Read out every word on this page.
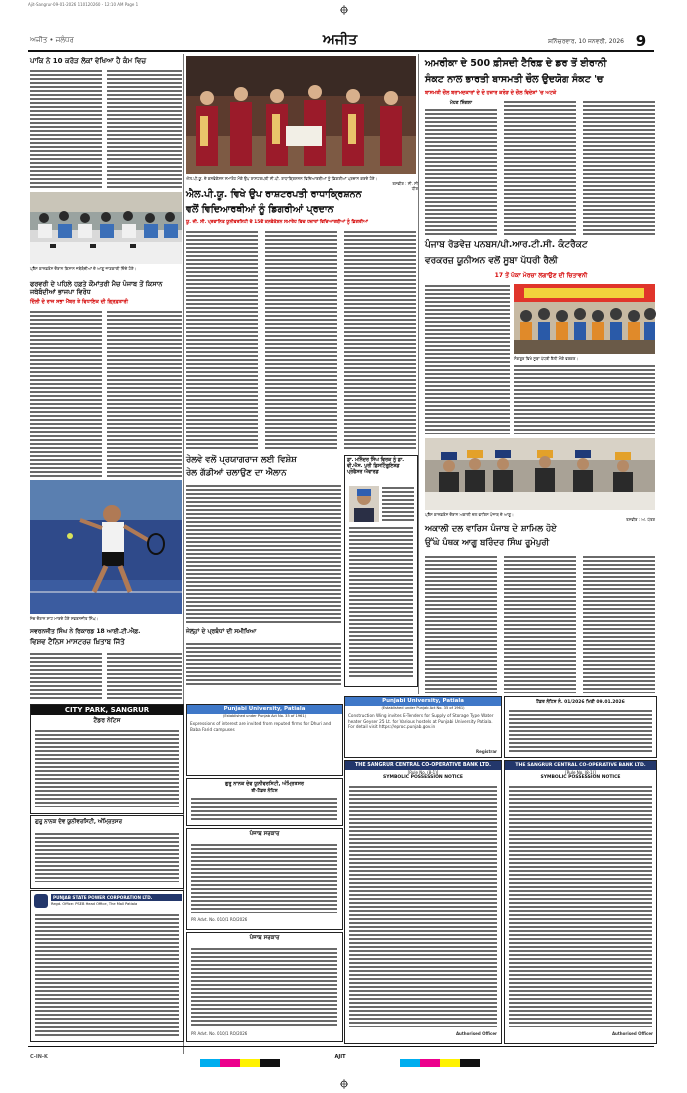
Ajit-Sangrur-09-01-2026 110120260 - 12:10 AM Page 1
ਅਜੀਤ • ਜਲੰਧਰ	ਅਜੀਤ	ਸ਼ਨਿੱਚਰਵਾਰ, 10 ਜਨਵਰੀ, 2026 9
ਪਾਕਿ ਨੇ 10 ਕਰੋੜ ਲੋਕਾਂ ਵੇਖਿਆ ਹੈ ਕੰਮ ਵਿਚ
ਪ੍ਰੈੱਸ ਕਾਨਫ਼ਰੰਸ ਦੌਰਾਨ ਕਿਸਾਨ ਜਥੇਬੰਦੀਆਂ ਦੇ ਆਗੂ ਜਾਣਕਾਰੀ ਦਿੰਦੇ ਹੋਏ।
ਫਰਵਰੀ ਦੇ ਪਹਿਲੇ ਹਫ਼ਤੇ ਕੌਮਾਂਤਰੀ ਮੈਚ ਪੰਜਾਬ ਤੋਂ ਕਿਸਾਨ ਜਥੇਬੰਦੀਆਂ ਭਾਜਪਾ ਵਿਰੋਧ
ਦਿੱਲੀ ਦੇ ਰਾਜ ਸਭਾ ਮੈਂਬਰ ਤੇ ਵਿਧਾਇਕ ਦੀ ਗ੍ਰਿਫ਼ਤਾਰੀ
ਮੈਚ ਦੌਰਾਨ ਸ਼ਾਟ ਮਾਰਦੇ ਹੋਏ ਸਵਰਨਜੀਤ ਸਿੰਘ।
ਸਵਰਨਜੀਤ ਸਿੰਘ ਨੇ ਰਿਕਾਰਡ 18 ਆਈ.ਟੀ.ਐਫ਼.
ਵਿਸ਼ਵ ਟੈਨਿਸ ਮਾਸਟਰਜ਼ ਖ਼ਿਤਾਬ ਜਿੱਤੇ
CITY PARK, SANGRUR
ਟੈਂਡਰ ਨੋਟਿਸ
ਗੁਰੂ ਨਾਨਕ ਦੇਵ ਯੂਨੀਵਰਸਿਟੀ, ਅੰਮ੍ਰਿਤਸਰ
PUNJAB STATE POWER CORPORATION LTD.
Regd. Office: PSEB Head Office, The Mall Patiala
ਐਲ.ਪੀ.ਯੂ. ਦੇ ਕਨਵੋਕੇਸ਼ਨ ਸਮਾਰੋਹ ਮੌਕੇ ਉਪ ਰਾਸ਼ਟਰਪਤੀ ਸੀ.ਪੀ. ਰਾਧਾਕ੍ਰਿਸ਼ਨਨ ਵਿਦਿਆਰਥੀਆਂ ਨੂੰ ਡਿਗਰੀਆਂ ਪ੍ਰਦਾਨ ਕਰਦੇ ਹੋਏ।
ਤਸਵੀਰ : ਸੀ. ਸੀ ਧੀਰ
ਐਲ.ਪੀ.ਯੂ. ਵਿਖੇ ਉਪ ਰਾਸ਼ਟਰਪਤੀ ਰਾਧਾਕ੍ਰਿਸ਼ਨਨ
ਵਲੋਂ ਵਿਦਿਆਰਥੀਆਂ ਨੂੰ ਡਿਗਰੀਆਂ ਪ੍ਰਦਾਨ
ਯੂ. ਜੀ. ਸੀ. ਪ੍ਰਵਾਨਿਤ ਯੂਨੀਵਰਸਿਟੀ ਦੇ 15ਵੇਂ ਕਨਵੋਕੇਸ਼ਨ ਸਮਾਰੋਹ ਵਿਚ ਹਜ਼ਾਰਾਂ ਵਿਦਿਆਰਥੀਆਂ ਨੂੰ ਡਿਗਰੀਆਂ
ਰੇਲਵੇ ਵਲੋਂ ਪ੍ਰਯਾਗਰਾਜ ਲਈ ਵਿਸ਼ੇਸ਼
ਰੇਲ ਗੱਡੀਆਂ ਚਲਾਉਣ ਦਾ ਐਲਾਨ
ਡਾ. ਮਨਿੰਦਰ ਸਿੰਘ ਵਿਰਕ ਨੂੰ ਡਾ. ਵੀ.ਐਸ. ਪੁਰੀ ਡਿਸਟਿੰਗੂਇਸ਼ਡ ਪ੍ਰੋਫੈਸਰ ਐਵਾਰਡ
ਜੇਲ੍ਹਾਂ ਦੇ ਪ੍ਰਬੰਧਾਂ ਦੀ ਸਮੀਖਿਆ
Punjabi University, Patiala
(Established under Punjab Act No. 35 of 1961)
Expressions of interest are invited from reputed firms for Dhuri and Baba Farid campuses
ਗੁਰੂ ਨਾਨਕ ਦੇਵ ਯੂਨੀਵਰਸਿਟੀ, ਅੰਮ੍ਰਿਤਸਰ
ਈ-ਟੈਂਡਰ ਨੋਟਿਸ
ਪੰਜਾਬ ਸਰਕਾਰ
PR Advt. No. 010/1 RO/2026
ਪੰਜਾਬ ਸਰਕਾਰ
PR Advt. No. 010/1 RO/2026
ਅਮਰੀਕਾ ਦੇ 500 ਫ਼ੀਸਦੀ ਟੈਰਿਫ਼ ਦੇ ਡਰ ਤੋਂ ਈਰਾਨੀ
ਸੰਕਟ ਨਾਲ ਭਾਰਤੀ ਬਾਸਮਤੀ ਚੌਲ ਉਦਯੋਗ ਸੰਕਟ 'ਚ
ਬਾਸਮਤੀ ਚੌਲ ਬਰਾਮਦਕਾਰਾਂ ਦੇ ਦੋ ਹਜ਼ਾਰ ਕਰੋੜ ਦੇ ਚੌਲ ਵਿਦੇਸ਼ਾਂ 'ਚ ਅਟਕੇ
ਮੋਹਣ ਸਿੰਗਲਾ
ਪੰਜਾਬ ਰੋਡਵੇਜ਼ ਪਨਬਸ/ਪੀ.ਆਰ.ਟੀ.ਸੀ. ਕੰਟਰੈਕਟ
ਵਰਕਰਜ਼ ਯੂਨੀਅਨ ਵਲੋਂ ਸੂਬਾ ਪੱਧਰੀ ਰੈਲੀ
17 ਤੋਂ ਪੱਕਾ ਮੋਰਚਾ ਲਗਾਉਣ ਦੀ ਚਿਤਾਵਨੀ
ਸੰਗਰੂਰ ਵਿਖੇ ਸੂਬਾ ਪੱਧਰੀ ਰੈਲੀ ਮੌਕੇ ਵਰਕਰ।
ਪ੍ਰੈੱਸ ਕਾਨਫ਼ਰੰਸ ਦੌਰਾਨ ਅਕਾਲੀ ਦਲ ਵਾਰਿਸ ਪੰਜਾਬ ਦੇ ਆਗੂ।
ਤਸਵੀਰ : ਅ. ਪੱਤਰ
ਅਕਾਲੀ ਦਲ ਵਾਰਿਸ ਪੰਜਾਬ ਦੇ ਸ਼ਾਮਿਲ ਹੋਏ
ਉੱਘੇ ਪੰਥਕ ਆਗੂ ਬਰਿੰਦਰ ਸਿੰਘ ਰੂਮੇਪੁਰੀ
Punjabi University, Patiala
(Established under Punjab Act No. 35 of 1961)
Construction Wing invites E-Tenders for Supply of Storage Type Water heater Geyser 25 Lt. for Various hostels at Punjabi University Patiala. For detail visit https://eproc.punjab.gov.in
Registrar
ਟੈਂਡਰ ਨੋਟਿਸ ਨੰ. 01/2026 ਮਿਤੀ 09.01.2026
THE SANGRUR CENTRAL CO-OPERATIVE BANK LTD.
[Rule No. (8-1)]
SYMBOLIC POSSESSION NOTICE
Authorised Officer
THE SANGRUR CENTRAL CO-OPERATIVE BANK LTD.
[Rule No. (8-1)]
SYMBOLIC POSSESSION NOTICE
Authorised Officer
C-IN-K	AJIT
